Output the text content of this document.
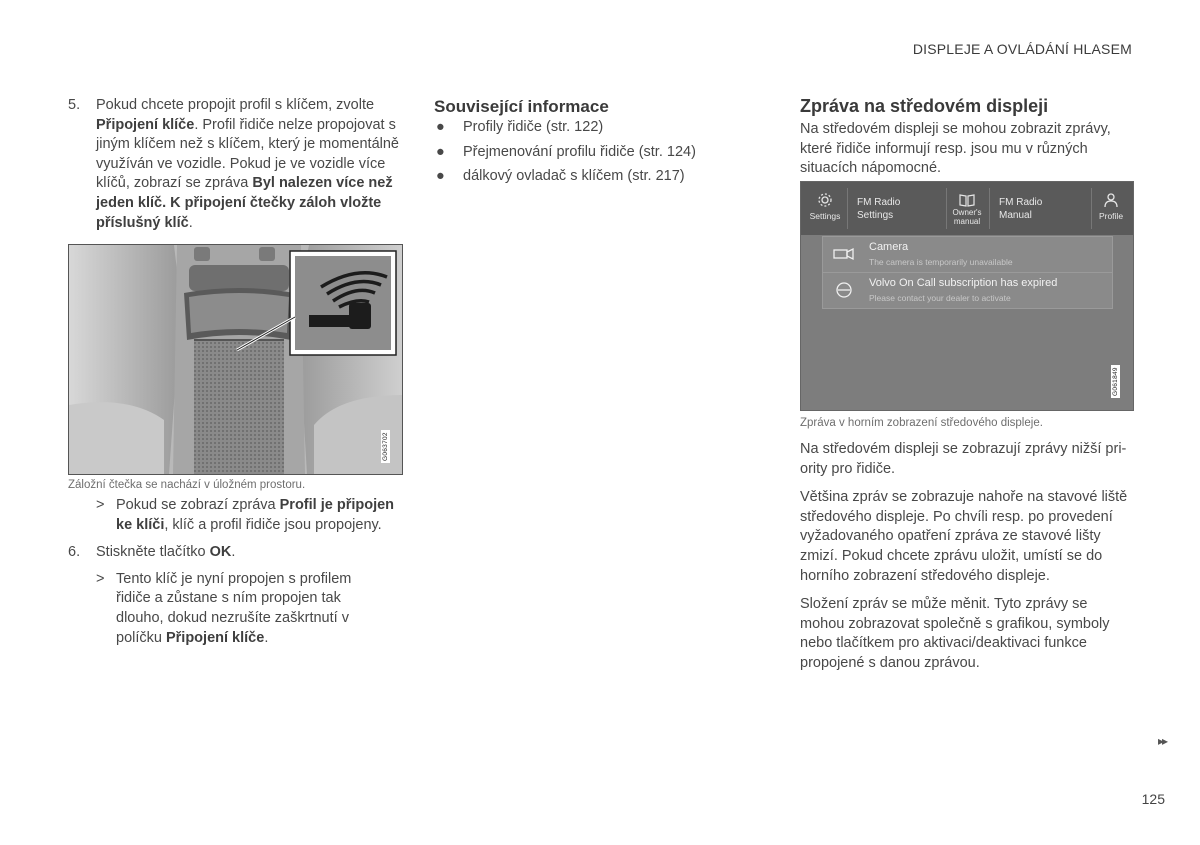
DISPLEJE A OVLÁDÁNÍ HLASEM
5. Pokud chcete propojit profil s klíčem, zvolte Připojení klíče. Profil řidiče nelze propojovat s jiným klíčem než s klíčem, který je momentálně využíván ve vozidle. Pokud je ve vozidle více klíčů, zobrazí se zpráva Byl nalezen více než jeden klíč. K připojení čtečky záloh vložte příslušný klíč.
G063702
Záložní čtečka se nachází v úložném prostoru.
> Pokud se zobrazí zpráva Profil je připojen ke klíči, klíč a profil řidiče jsou propojeny.
6. Stiskněte tlačítko OK.
> Tento klíč je nyní propojen s profilem řidiče a zůstane s ním propojen tak dlouho, dokud nezrušíte zaškrtnutí v políčku Připojení klíče.
Související informace
● Profily řidiče (str. 122)
● Přejmenování profilu řidiče (str. 124)
● dálkový ovladač s klíčem (str. 217)
Zpráva na středovém displeji

Na středovém displeji se mohou zobrazit zprávy, které řidiče informují resp. jsou mu v různých situacích nápomocné.

Settings
FM Radio
Settings	Owner's
manual
FM Radio
Manual	Profile
Camera
The camera is temporarily unavailable
Volvo On Call subscription has expired
Please contact your dealer to activate
G061849
Zpráva v horním zobrazení středového displeje.

Na středovém displeji se zobrazují zprávy nižší priority pro řidiče.

Většina zpráv se zobrazuje nahoře na stavové liště středového displeje. Po chvíli resp. po provedení vyžadovaného opatření zpráva ze stavové lišty zmizí. Pokud chcete zprávu uložit, umístí se do horního zobrazení středového displeje.

Složení zpráv se může měnit. Tyto zprávy se mohou zobrazovat společně s grafikou, symboly nebo tlačítkem pro aktivaci/deaktivaci funkce propojené s danou zprávou.

▸▸
125
